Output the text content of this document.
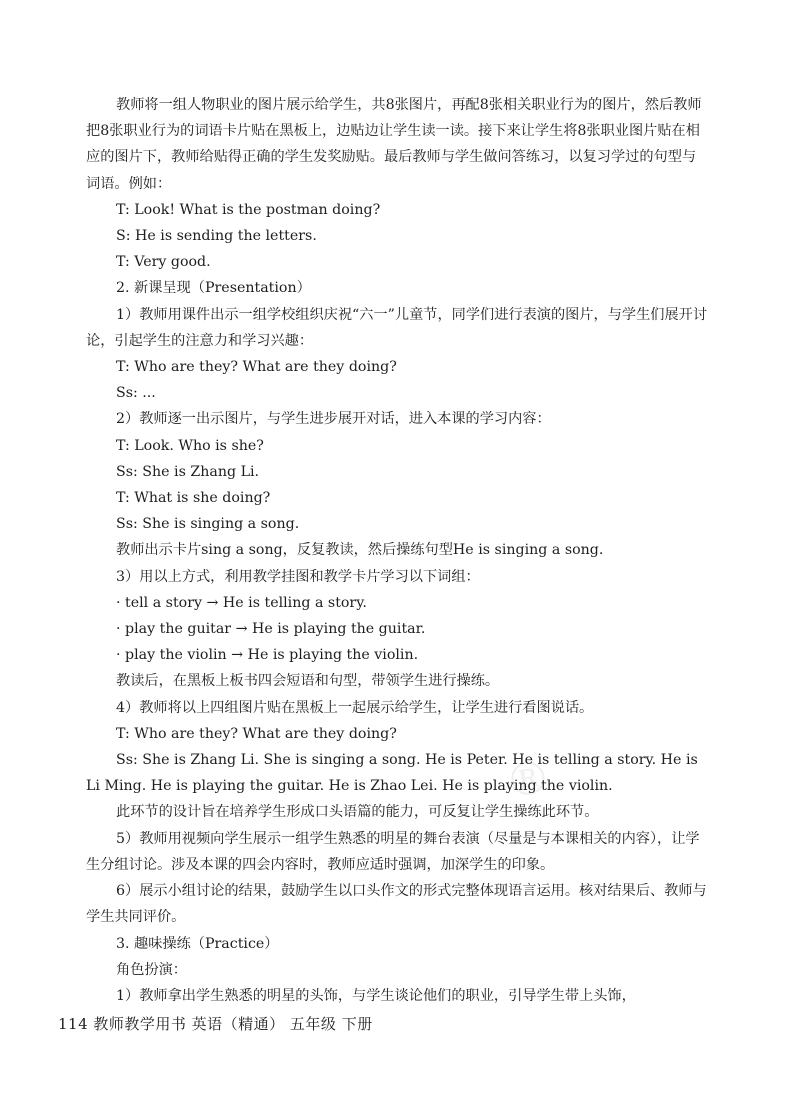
教师将一组人物职业的图片展示给学生，共8张图片，再配8张相关职业行为的图片，然后教师把8张职业行为的词语卡片贴在黑板上，边贴边让学生读一读。接下来让学生将8张职业图片贴在相应的图片下，教师给贴得正确的学生发奖励贴。最后教师与学生做问答练习，以复习学过的句型与词语。例如：

T: Look! What is the postman doing?

S: He is sending the letters.

T: Very good.

2. 新课呈现（Presentation）

1）教师用课件出示一组学校组织庆祝“六一”儿童节，同学们进行表演的图片，与学生们展开讨论，引起学生的注意力和学习兴趣：

T: Who are they? What are they doing?

Ss: ...

2）教师逐一出示图片，与学生进步展开对话，进入本课的学习内容：

T: Look. Who is she?

Ss: She is Zhang Li.

T: What is she doing?

Ss: She is singing a song.

教师出示卡片sing a song，反复教读，然后操练句型He is singing a song.

3）用以上方式，利用教学挂图和教学卡片学习以下词组：

· tell a story → He is telling a story.

· play the guitar → He is playing the guitar.

· play the violin → He is playing the violin.

教读后，在黑板上板书四会短语和句型，带领学生进行操练。

4）教师将以上四组图片贴在黑板上一起展示给学生，让学生进行看图说话。

T: Who are they? What are they doing?

Ss: She is Zhang Li. She is singing a song. He is Peter. He is telling a story. He is Li Ming. He is playing the guitar. He is Zhao Lei. He is playing the violin.

此环节的设计旨在培养学生形成口头语篇的能力，可反复让学生操练此环节。

5）教师用视频向学生展示一组学生熟悉的明星的舞台表演（尽量是与本课相关的内容），让学生分组讨论。涉及本课的四会内容时，教师应适时强调，加深学生的印象。

6）展示小组讨论的结果，鼓励学生以口头作文的形式完整体现语言运用。核对结果后、教师与学生共同评价。

3. 趣味操练（Practice）

角色扮演：

1）教师拿出学生熟悉的明星的头饰，与学生谈论他们的职业，引导学生带上头饰，

®
114 教师教学用书 英语（精通） 五年级 下册
